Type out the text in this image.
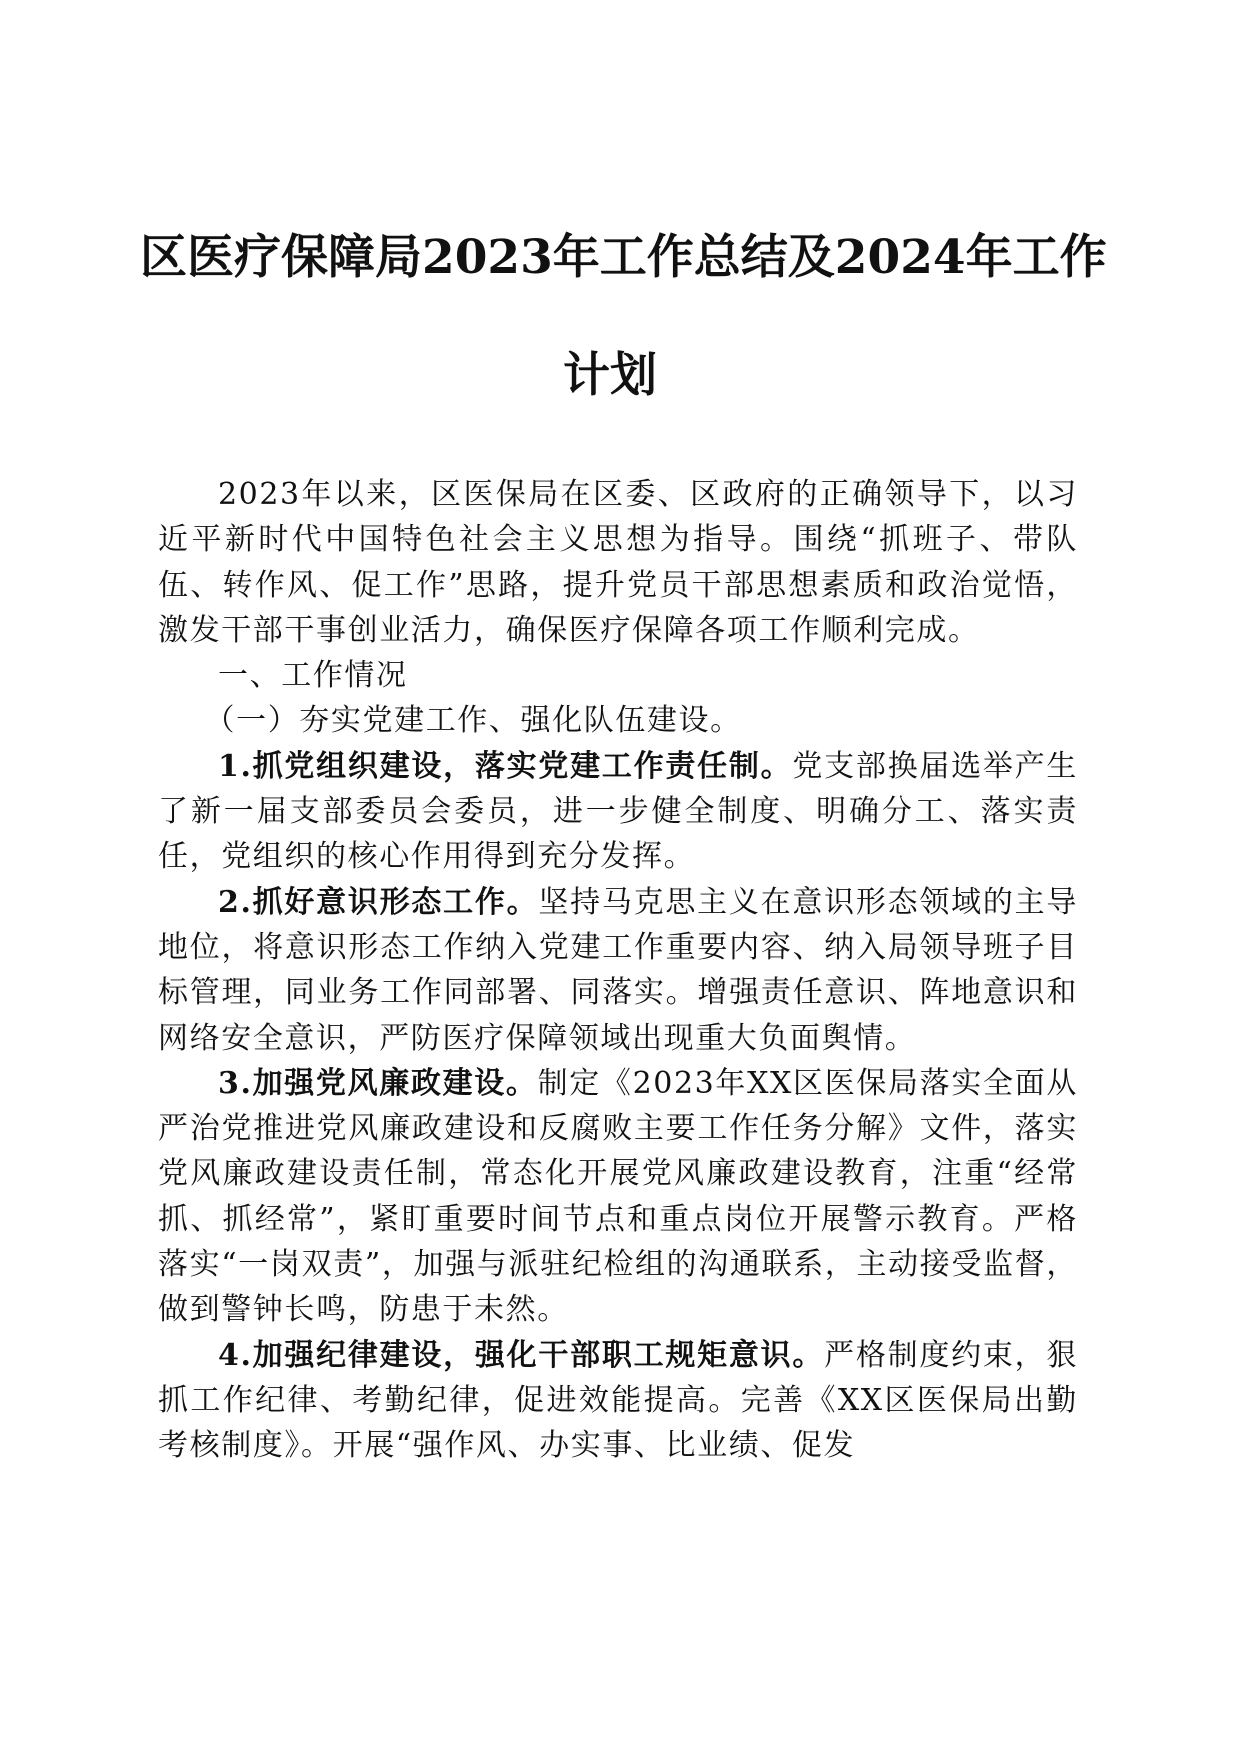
区医疗保障局2023年工作总结及2024年工作
计划

2023年以来，区医保局在区委、区政府的正确领导下，以习近平新时代中国特色社会主义思想为指导。围绕“抓班子、带队伍、转作风、促工作”思路，提升党员干部思想素质和政治觉悟，激发干部干事创业活力，确保医疗保障各项工作顺利完成。

一、工作情况

（一）夯实党建工作、强化队伍建设。

1.抓党组织建设，落实党建工作责任制。党支部换届选举产生了新一届支部委员会委员，进一步健全制度、明确分工、落实责任，党组织的核心作用得到充分发挥。

2.抓好意识形态工作。坚持马克思主义在意识形态领域的主导地位，将意识形态工作纳入党建工作重要内容、纳入局领导班子目标管理，同业务工作同部署、同落实。增强责任意识、阵地意识和网络安全意识，严防医疗保障领域出现重大负面舆情。

3.加强党风廉政建设。制定《2023年XX区医保局落实全面从严治党推进党风廉政建设和反腐败主要工作任务分解》文件，落实党风廉政建设责任制，常态化开展党风廉政建设教育，注重“经常抓、抓经常”，紧盯重要时间节点和重点岗位开展警示教育。严格落实“一岗双责”，加强与派驻纪检组的沟通联系，主动接受监督，做到警钟长鸣，防患于未然。

4.加强纪律建设，强化干部职工规矩意识。严格制度约束，狠抓工作纪律、考勤纪律，促进效能提高。完善《XX区医保局出勤考核制度》。开展“强作风、办实事、比业绩、促发
